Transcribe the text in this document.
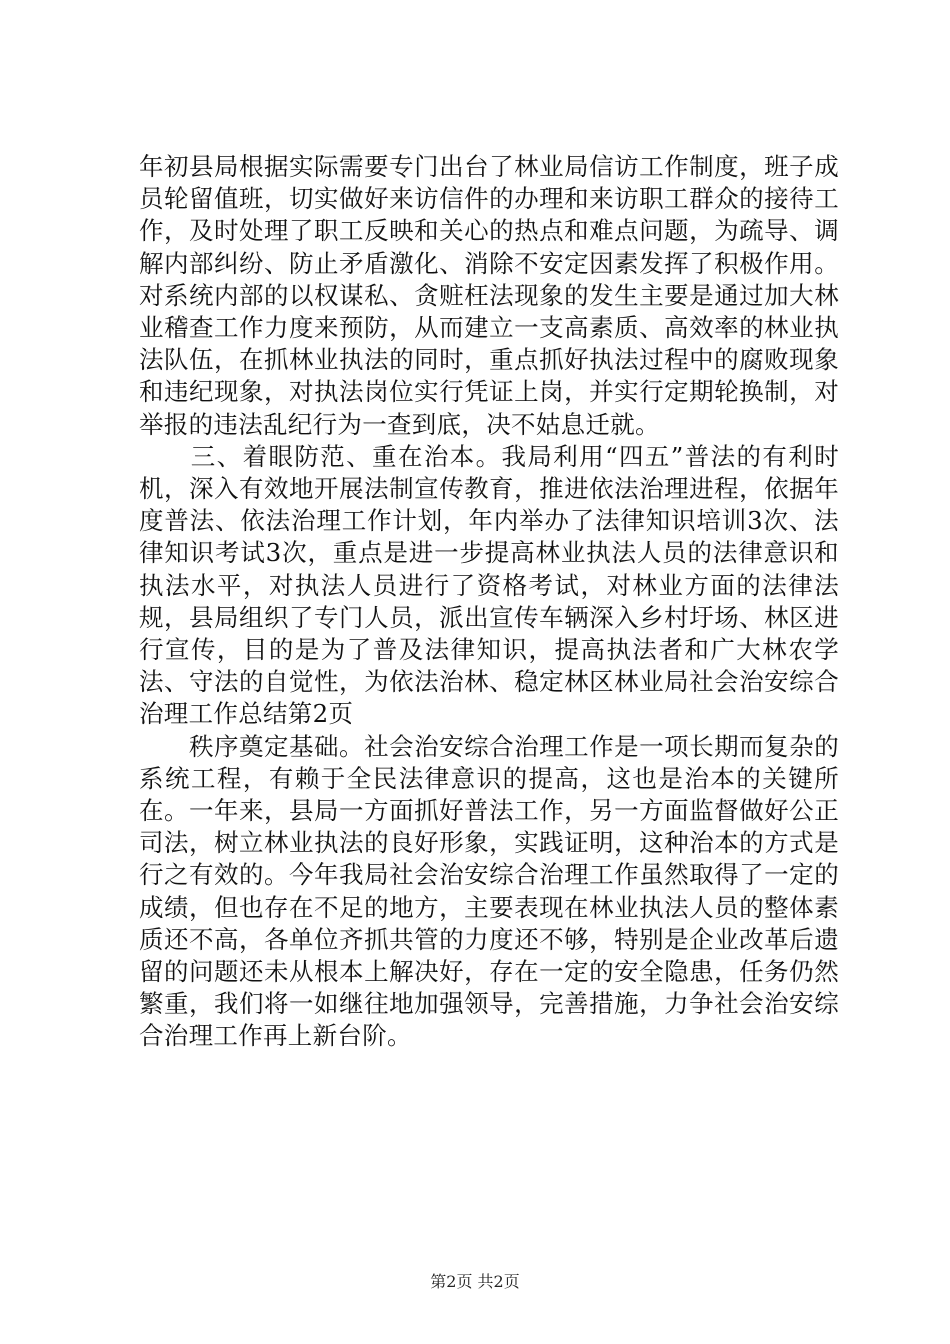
年初县局根据实际需要专门出台了林业局信访工作制度，班子成员轮留值班，切实做好来访信件的办理和来访职工群众的接待工作，及时处理了职工反映和关心的热点和难点问题，为疏导、调解内部纠纷、防止矛盾激化、消除不安定因素发挥了积极作用。对系统内部的以权谋私、贪赃枉法现象的发生主要是通过加大林业稽查工作力度来预防，从而建立一支高素质、高效率的林业执法队伍，在抓林业执法的同时，重点抓好执法过程中的腐败现象和违纪现象，对执法岗位实行凭证上岗，并实行定期轮换制，对举报的违法乱纪行为一查到底，决不姑息迁就。

　　三、着眼防范、重在治本。我局利用“四五”普法的有利时机，深入有效地开展法制宣传教育，推进依法治理进程，依据年度普法、依法治理工作计划，年内举办了法律知识培训3次、法律知识考试3次，重点是进一步提高林业执法人员的法律意识和执法水平，对执法人员进行了资格考试，对林业方面的法律法规，县局组织了专门人员，派出宣传车辆深入乡村圩场、林区进行宣传，目的是为了普及法律知识，提高执法者和广大林农学法、守法的自觉性，为依法治林、稳定林区林业局社会治安综合治理工作总结第2页

　　秩序奠定基础。社会治安综合治理工作是一项长期而复杂的系统工程，有赖于全民法律意识的提高，这也是治本的关键所在。一年来，县局一方面抓好普法工作，另一方面监督做好公正司法，树立林业执法的良好形象，实践证明，这种治本的方式是行之有效的。今年我局社会治安综合治理工作虽然取得了一定的成绩，但也存在不足的地方，主要表现在林业执法人员的整体素质还不高，各单位齐抓共管的力度还不够，特别是企业改革后遗留的问题还未从根本上解决好，存在一定的安全隐患，任务仍然繁重，我们将一如继往地加强领导，完善措施，力争社会治安综合治理工作再上新台阶。

第2页 共2页
